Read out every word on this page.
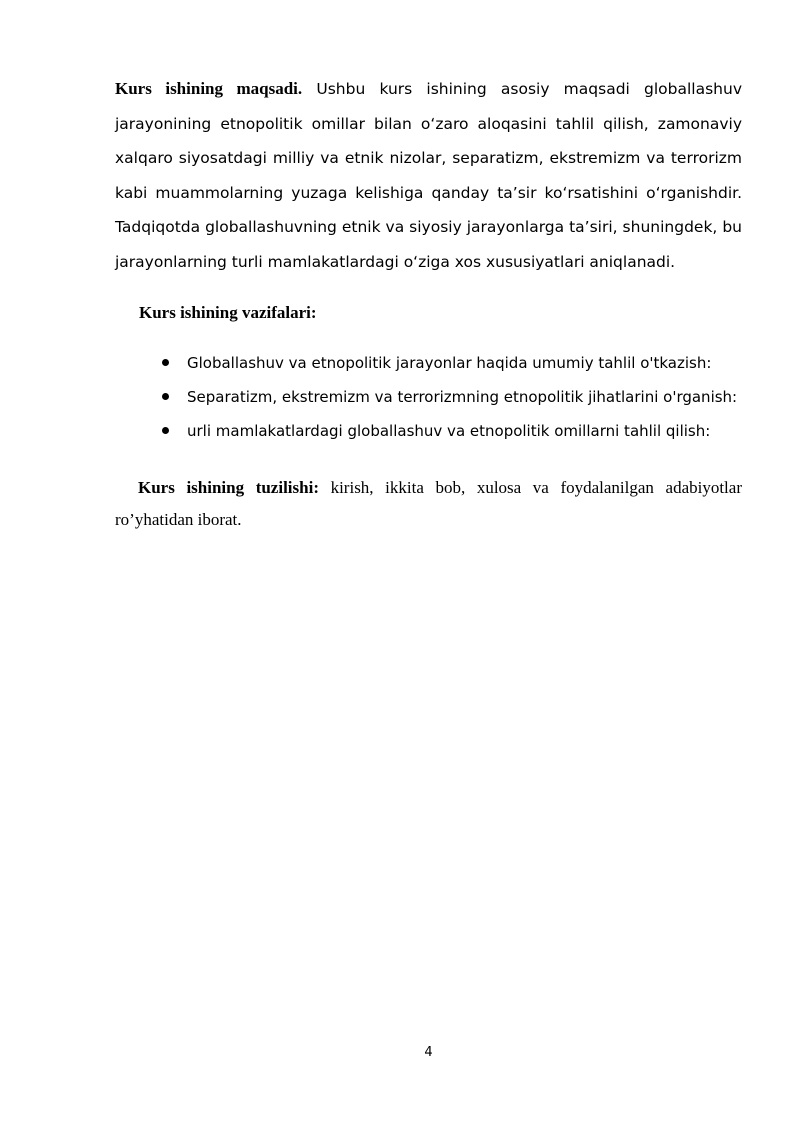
Kurs ishining maqsadi. Ushbu kurs ishining asosiy maqsadi globallashuv jarayonining etnopolitik omillar bilan oʻzaro aloqasini tahlil qilish, zamonaviy xalqaro siyosatdagi milliy va etnik nizolar, separatizm, ekstremizm va terrorizm kabi muammolarning yuzaga kelishiga qanday taʼsir koʻrsatishini oʻrganishdir. Tadqiqotda globallashuvning etnik va siyosiy jarayonlarga taʼsiri, shuningdek, bu jarayonlarning turli mamlakatlardagi oʻziga xos xususiyatlari aniqlanadi.

Kurs ishining vazifalari:

Globallashuv va etnopolitik jarayonlar haqida umumiy tahlil o'tkazish:
Separatizm, ekstremizm va terrorizmning etnopolitik jihatlarini o'rganish:
urli mamlakatlardagi globallashuv va etnopolitik omillarni tahlil qilish:

Kurs ishining tuzilishi: kirish, ikkita bob, xulosa va foydalanilgan adabiyotlar ro’yhatidan iborat.

4
